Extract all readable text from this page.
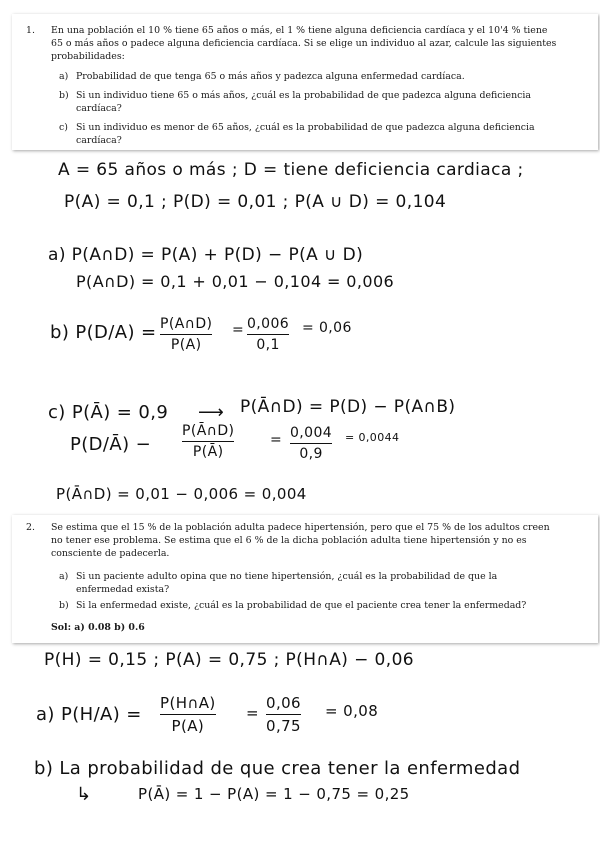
1. En una población el 10 % tiene 65 años o más, el 1 % tiene alguna deficiencia cardíaca y el 10'4 % tiene 65 o más años o padece alguna deficiencia cardíaca. Si se elige un individuo al azar, calcule las siguientes probabilidades:
a) Probabilidad de que tenga 65 o más años y padezca alguna enfermedad cardíaca.
b) Si un individuo tiene 65 o más años, ¿cuál es la probabilidad de que padezca alguna deficiencia cardíaca?
c) Si un individuo es menor de 65 años, ¿cuál es la probabilidad de que padezca alguna deficiencia cardíaca?
A = 65 años o más ; D = tiene deficiencia cardiaca ;
P(A) = 0,1 ; P(D) = 0,01 ; P(A ∪ D) = 0,104
a) P(A∩D) = P(A) + P(D) − P(A ∪ D)
P(A∩D) = 0,1 + 0,01 − 0,104 = 0,006
b) P(D/A) = P(A∩D)
P(A)
= 0,006
0,1
= 0,06
c) P(Ā) = 0,9 ⟶ P(Ā∩D) = P(D) − P(A∩B)
P(D/Ā) −
P(Ā∩D)
P(Ā)
= 0,004
0,9
= 0,0044
P(Ā∩D) = 0,01 − 0,006 = 0,004
2. Se estima que el 15 % de la población adulta padece hipertensión, pero que el 75 % de los adultos creen no tener ese problema. Se estima que el 6 % de la dicha población adulta tiene hipertensión y no es consciente de padecerla.
a) Si un paciente adulto opina que no tiene hipertensión, ¿cuál es la probabilidad de que la enfermedad exista?
b) Si la enfermedad existe, ¿cuál es la probabilidad de que el paciente crea tener la enfermedad?
Sol: a) 0.08 b) 0.6
P(H) = 0,15 ; P(A) = 0,75 ; P(H∩A) − 0,06
a) P(H/A) =
P(H∩A)
P(A)
=
0,06
0,75
= 0,08
b) La probabilidad de que crea tener la enfermedad
↳	P(Ā) = 1 − P(A) = 1 − 0,75 = 0,25
